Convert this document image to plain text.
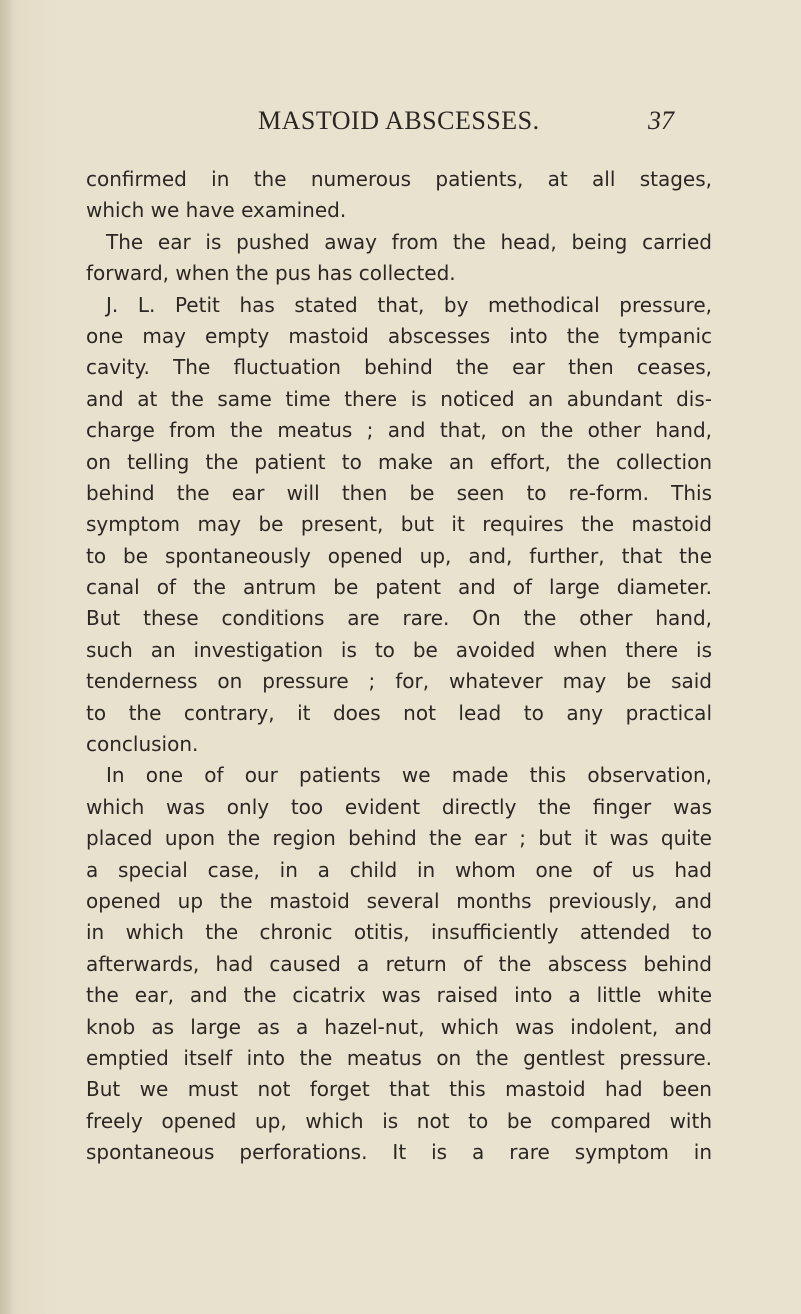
MASTOID ABSCESSES.	37
confirmed in the numerous patients, at all stages,
which we have examined.
The ear is pushed away from the head, being carried
forward, when the pus has collected.
J. L. Petit has stated that, by methodical pressure,
one may empty mastoid abscesses into the tympanic
cavity. The fluctuation behind the ear then ceases,
and at the same time there is noticed an abundant dis-
charge from the meatus ; and that, on the other hand,
on telling the patient to make an effort, the collection
behind the ear will then be seen to re-form. This
symptom may be present, but it requires the mastoid
to be spontaneously opened up, and, further, that the
canal of the antrum be patent and of large diameter.
But these conditions are rare. On the other hand,
such an investigation is to be avoided when there is
tenderness on pressure ; for, whatever may be said
to the contrary, it does not lead to any practical
conclusion.
In one of our patients we made this observation,
which was only too evident directly the finger was
placed upon the region behind the ear ; but it was quite
a special case, in a child in whom one of us had
opened up the mastoid several months previously, and
in which the chronic otitis, insufficiently attended to
afterwards, had caused a return of the abscess behind
the ear, and the cicatrix was raised into a little white
knob as large as a hazel-nut, which was indolent, and
emptied itself into the meatus on the gentlest pressure.
But we must not forget that this mastoid had been
freely opened up, which is not to be compared with
spontaneous perforations. It is a rare symptom in
